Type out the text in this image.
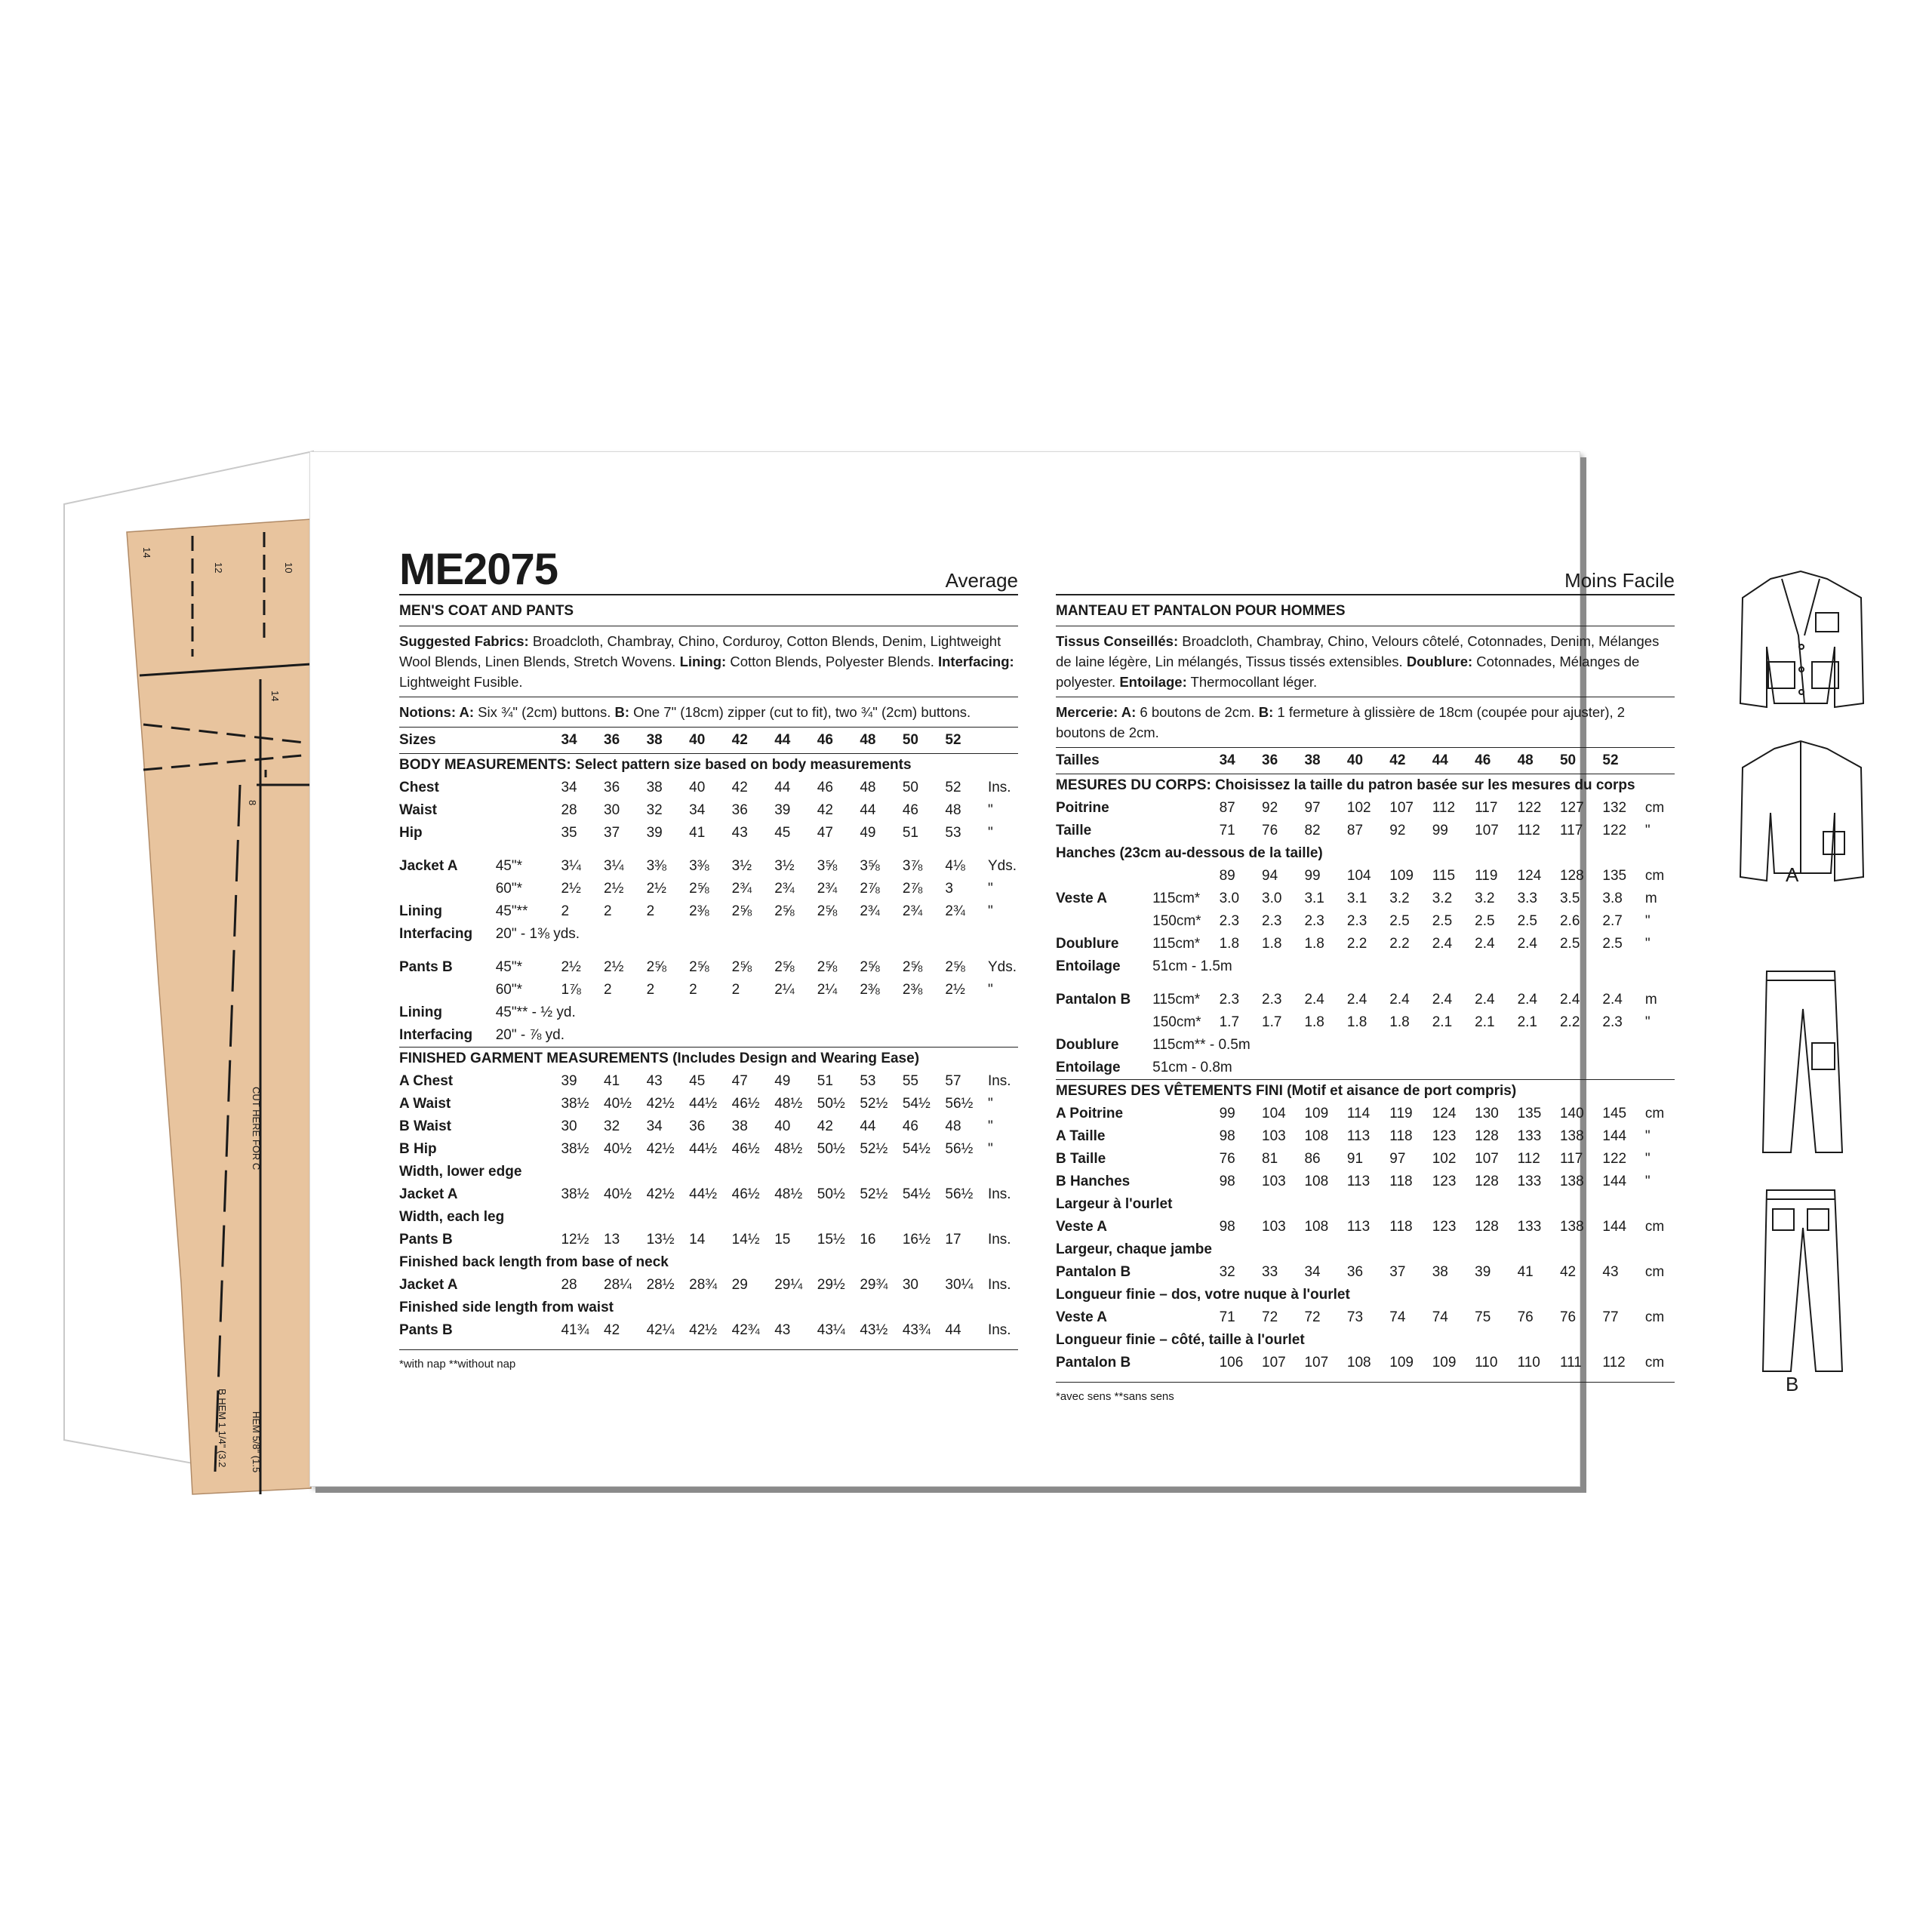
14
12	10
14
8
CUT HERE FOR C
B HEM 1 1/4" (3.2 HEM 5/8" (1.5
ME2075	Average
MEN'S COAT AND PANTS
Suggested Fabrics: Broadcloth, Chambray, Chino, Corduroy, Cotton Blends, Denim, Lightweight Wool Blends, Linen Blends, Stretch Wovens. Lining: Cotton Blends, Polyester Blends. Interfacing: Lightweight Fusible.
Notions: A: Six ¾" (2cm) buttons. B: One 7" (18cm) zipper (cut to fit), two ¾" (2cm) buttons.
Sizes		34	36	38	40	42	44	46	48	50	52	
BODY MEASUREMENTS: Select pattern size based on body measurements												
Chest		34	36	38	40	42	44	46	48	50	52	Ins.
Waist		28	30	32	34	36	39	42	44	46	48	"
Hip		35	37	39	41	43	45	47	49	51	53	"

Jacket A	45"*	3¼	3¼	3⅜	3⅜	3½	3½	3⅝	3⅝	3⅞	4⅛	Yds.
	60"*	2½	2½	2½	2⅝	2¾	2¾	2¾	2⅞	2⅞	3	"
Lining	45"**	2	2	2	2⅜	2⅝	2⅝	2⅝	2¾	2¾	2¾	"
Interfacing	20" - 1⅜ yds.											

Pants B	45"*	2½	2½	2⅝	2⅝	2⅝	2⅝	2⅝	2⅝	2⅝	2⅝	Yds.
	60"*	1⅞	2	2	2	2	2¼	2¼	2⅜	2⅜	2½	"
Lining	45"** - ½ yd.											
Interfacing	20" - ⅞ yd.											
FINISHED GARMENT MEASUREMENTS (Includes Design and Wearing Ease)												
A Chest		39	41	43	45	47	49	51	53	55	57	Ins.
A Waist		38½	40½	42½	44½	46½	48½	50½	52½	54½	56½	"
B Waist		30	32	34	36	38	40	42	44	46	48	"
B Hip		38½	40½	42½	44½	46½	48½	50½	52½	54½	56½	"
Width, lower edge												
Jacket A		38½	40½	42½	44½	46½	48½	50½	52½	54½	56½	Ins.
Width, each leg												
Pants B		12½	13	13½	14	14½	15	15½	16	16½	17	Ins.
Finished back length from base of neck												
Jacket A		28	28¼	28½	28¾	29	29¼	29½	29¾	30	30¼	Ins.
Finished side length from waist												
Pants B		41¾	42	42¼	42½	42¾	43	43¼	43½	43¾	44	Ins.
*with nap **without nap
Moins Facile
MANTEAU ET PANTALON POUR HOMMES
Tissus Conseillés: Broadcloth, Chambray, Chino, Velours côtelé, Cotonnades, Denim, Mélanges de laine légère, Lin mélangés, Tissus tissés extensibles. Doublure: Cotonnades, Mélanges de polyester. Entoilage: Thermocollant léger.
Mercerie: A: 6 boutons de 2cm. B: 1 fermeture à glissière de 18cm (coupée pour ajuster), 2 boutons de 2cm.
Tailles		34	36	38	40	42	44	46	48	50	52	
MESURES DU CORPS: Choisissez la taille du patron basée sur les mesures du corps												
Poitrine		87	92	97	102	107	112	117	122	127	132	cm
Taille		71	76	82	87	92	99	107	112	117	122	"
Hanches (23cm au-dessous de la taille)												
		89	94	99	104	109	115	119	124	128	135	cm
Veste A	115cm*	3.0	3.0	3.1	3.1	3.2	3.2	3.2	3.3	3.5	3.8	m
	150cm*	2.3	2.3	2.3	2.3	2.5	2.5	2.5	2.5	2.6	2.7	"
Doublure	115cm*	1.8	1.8	1.8	2.2	2.2	2.4	2.4	2.4	2.5	2.5	"
Entoilage	51cm - 1.5m											

Pantalon B	115cm*	2.3	2.3	2.4	2.4	2.4	2.4	2.4	2.4	2.4	2.4	m
	150cm*	1.7	1.7	1.8	1.8	1.8	2.1	2.1	2.1	2.2	2.3	"
Doublure	115cm** - 0.5m											
Entoilage	51cm - 0.8m											
MESURES DES VÊTEMENTS FINI (Motif et aisance de port compris)												
A Poitrine		99	104	109	114	119	124	130	135	140	145	cm
A Taille		98	103	108	113	118	123	128	133	138	144	"
B Taille		76	81	86	91	97	102	107	112	117	122	"
B Hanches		98	103	108	113	118	123	128	133	138	144	"
Largeur à l'ourlet												
Veste A		98	103	108	113	118	123	128	133	138	144	cm
Largeur, chaque jambe												
Pantalon B		32	33	34	36	37	38	39	41	42	43	cm
Longueur finie – dos, votre nuque à l'ourlet												
Veste A		71	72	72	73	74	74	75	76	76	77	cm
Longueur finie – côté, taille à l'ourlet												
Pantalon B		106	107	107	108	109	109	110	110	111	112	cm
*avec sens **sans sens
A
B
